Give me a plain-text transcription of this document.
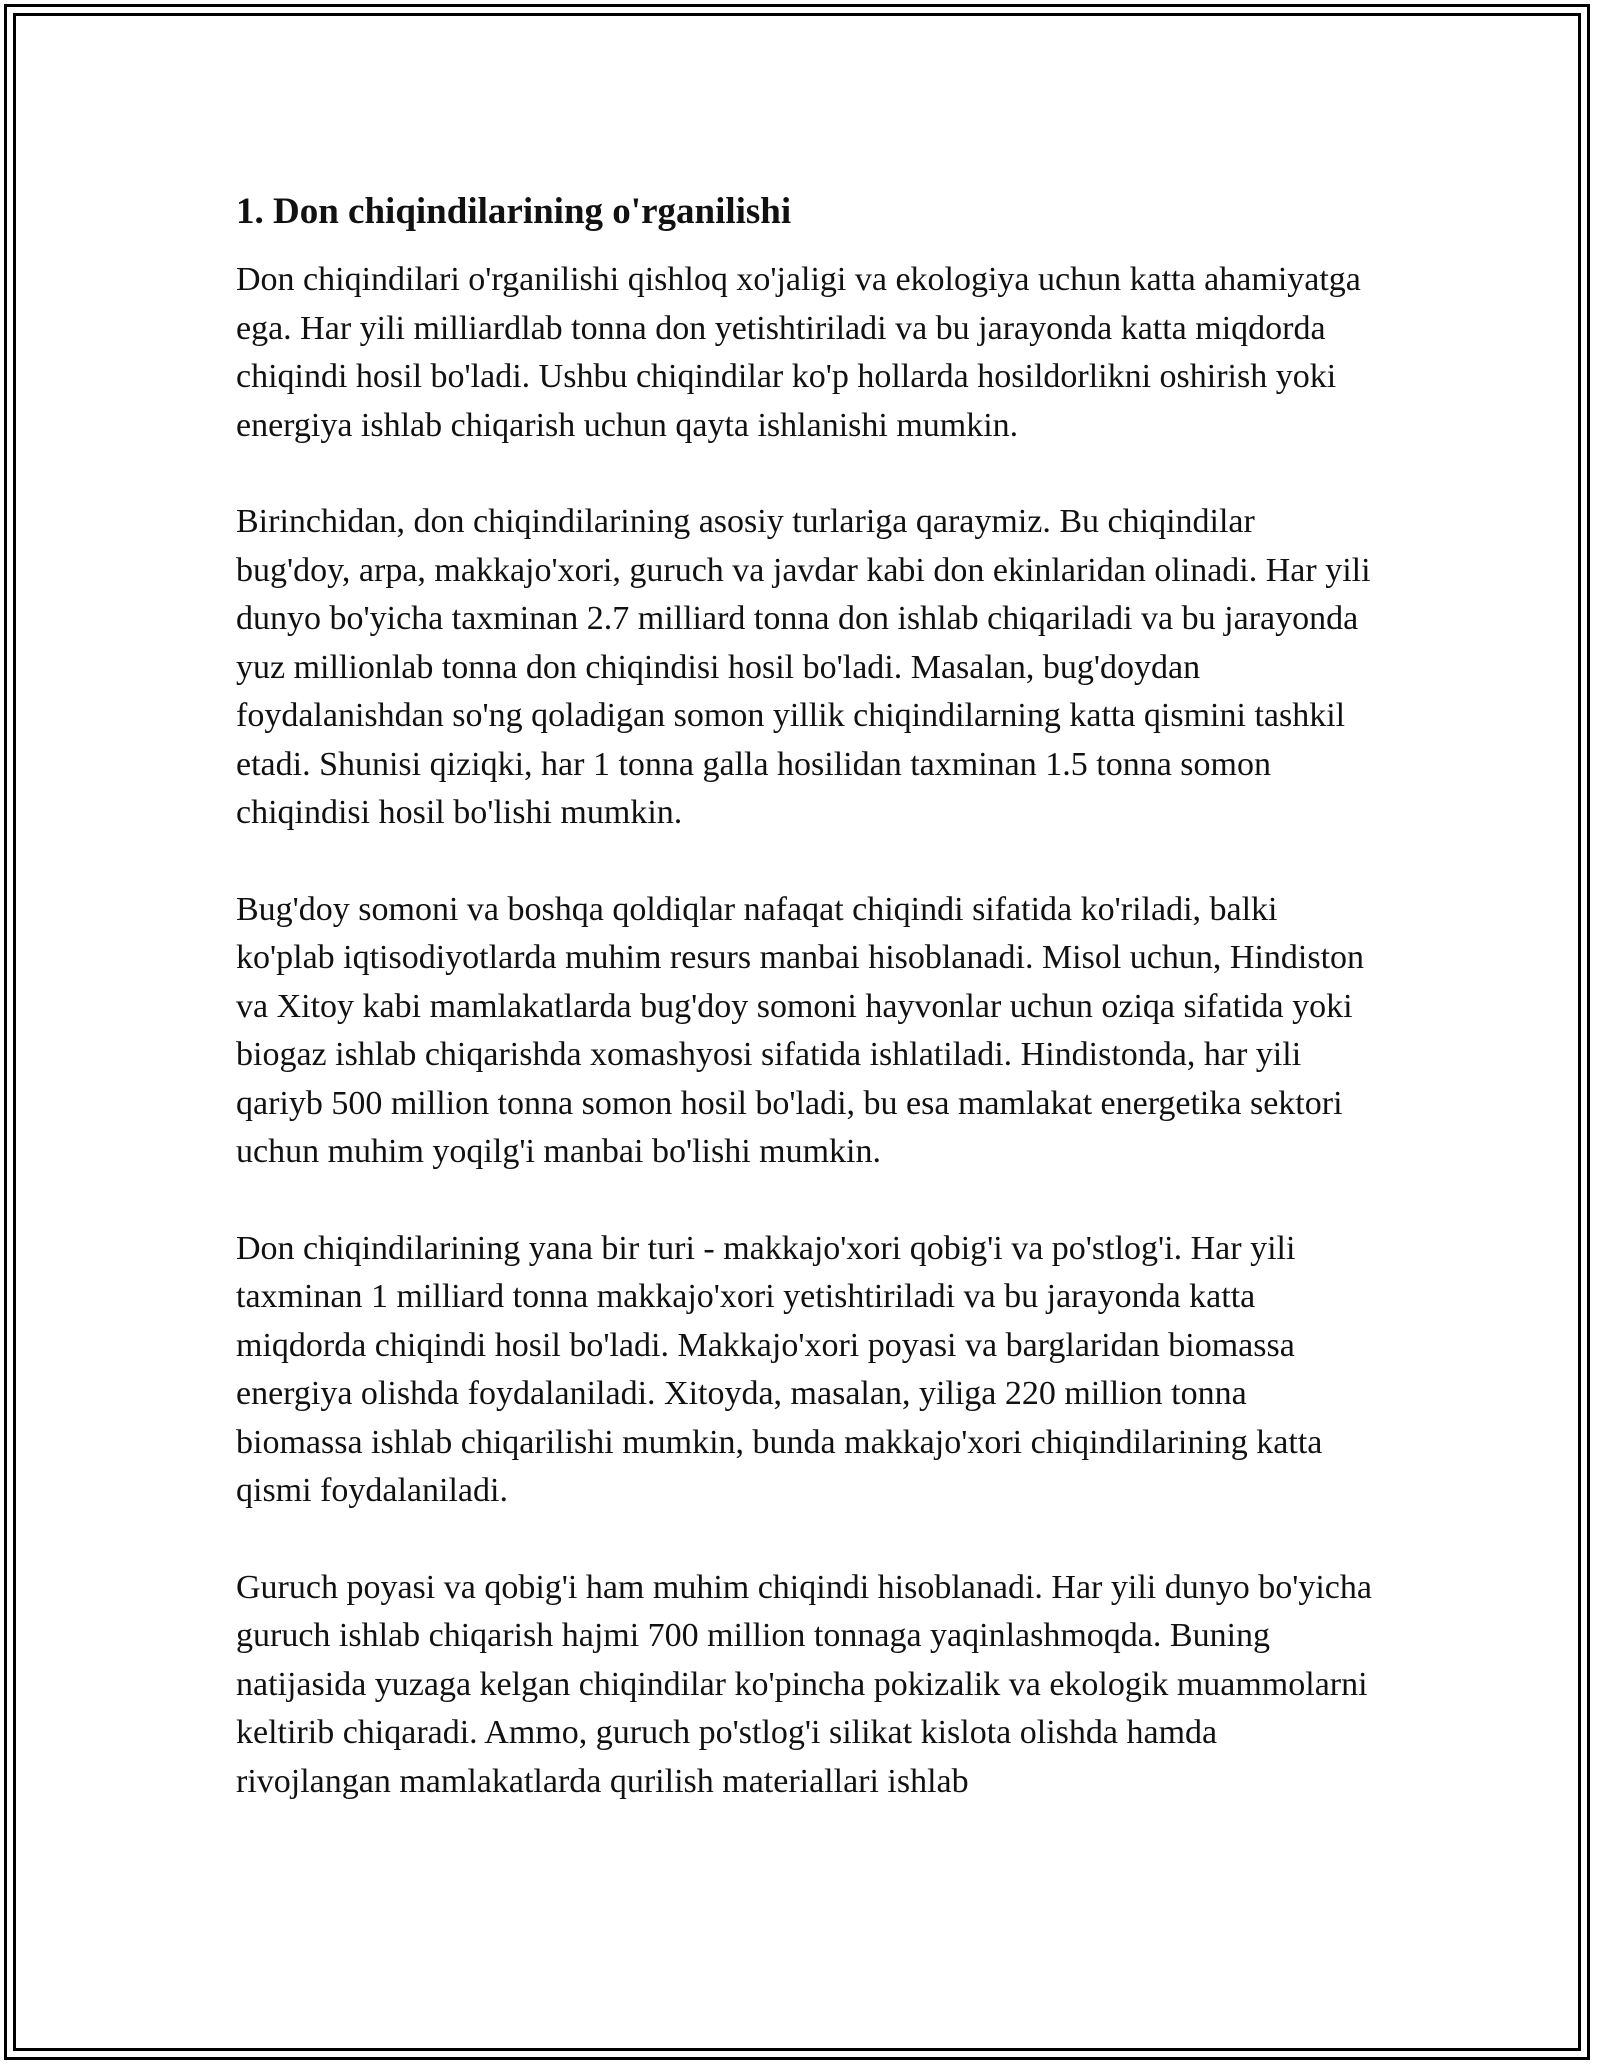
1. Don chiqindilarining o'rganilishi

Don chiqindilari o'rganilishi qishloq xo'jaligi va ekologiya uchun katta ahamiyatga ega. Har yili milliardlab tonna don yetishtiriladi va bu jarayonda katta miqdorda chiqindi hosil bo'ladi. Ushbu chiqindilar ko'p hollarda hosildorlikni oshirish yoki energiya ishlab chiqarish uchun qayta ishlanishi mumkin.

Birinchidan, don chiqindilarining asosiy turlariga qaraymiz. Bu chiqindilar bug'doy, arpa, makkajo'xori, guruch va javdar kabi don ekinlaridan olinadi. Har yili dunyo bo'yicha taxminan 2.7 milliard tonna don ishlab chiqariladi va bu jarayonda yuz millionlab tonna don chiqindisi hosil bo'ladi. Masalan, bug'doydan foydalanishdan so'ng qoladigan somon yillik chiqindilarning katta qismini tashkil etadi. Shunisi qiziqki, har 1 tonna galla hosilidan taxminan 1.5 tonna somon chiqindisi hosil bo'lishi mumkin.

Bug'doy somoni va boshqa qoldiqlar nafaqat chiqindi sifatida ko'riladi, balki ko'plab iqtisodiyotlarda muhim resurs manbai hisoblanadi. Misol uchun, Hindiston va Xitoy kabi mamlakatlarda bug'doy somoni hayvonlar uchun oziqa sifatida yoki biogaz ishlab chiqarishda xomashyosi sifatida ishlatiladi. Hindistonda, har yili qariyb 500 million tonna somon hosil bo'ladi, bu esa mamlakat energetika sektori uchun muhim yoqilg'i manbai bo'lishi mumkin.

Don chiqindilarining yana bir turi - makkajo'xori qobig'i va po'stlog'i. Har yili taxminan 1 milliard tonna makkajo'xori yetishtiriladi va bu jarayonda katta miqdorda chiqindi hosil bo'ladi. Makkajo'xori poyasi va barglaridan biomassa energiya olishda foydalaniladi. Xitoyda, masalan, yiliga 220 million tonna biomassa ishlab chiqarilishi mumkin, bunda makkajo'xori chiqindilarining katta qismi foydalaniladi.

Guruch poyasi va qobig'i ham muhim chiqindi hisoblanadi. Har yili dunyo bo'yicha guruch ishlab chiqarish hajmi 700 million tonnaga yaqinlashmoqda. Buning natijasida yuzaga kelgan chiqindilar ko'pincha pokizalik va ekologik muammolarni keltirib chiqaradi. Ammo, guruch po'stlog'i silikat kislota olishda hamda rivojlangan mamlakatlarda qurilish materiallari ishlab
